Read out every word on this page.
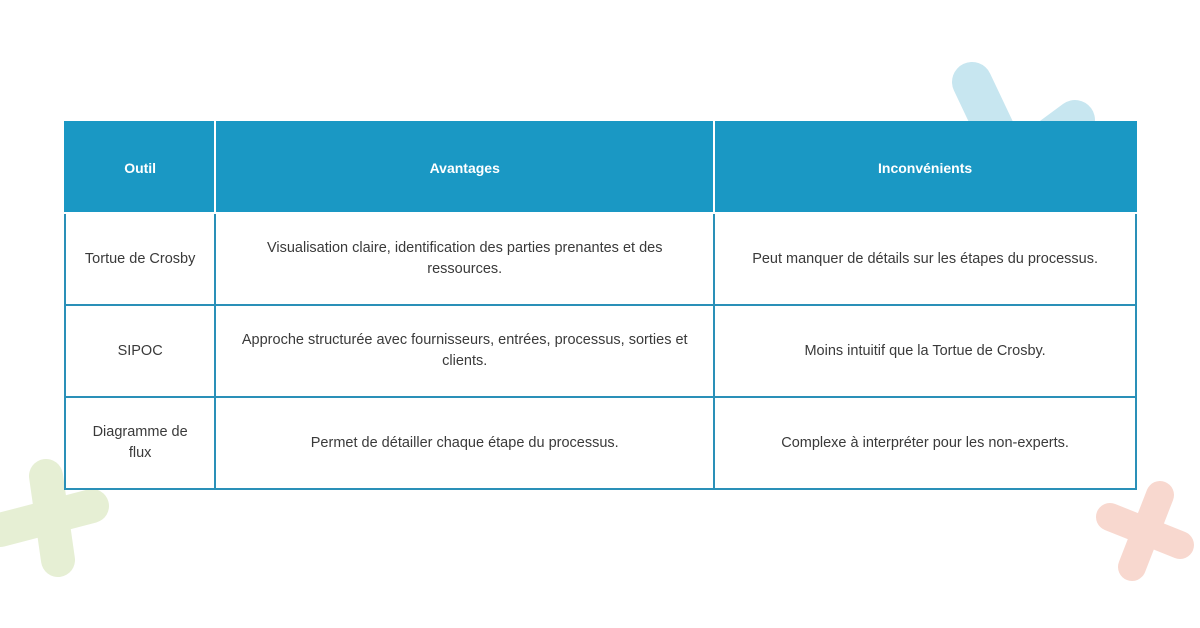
Outil	Avantages	Inconvénients
Tortue de Crosby	Visualisation claire, identification des parties prenantes et des ressources.	Peut manquer de détails sur les étapes du processus.
SIPOC	Approche structurée avec fournisseurs, entrées, processus, sorties et clients.	Moins intuitif que la Tortue de Crosby.
Diagramme de flux	Permet de détailler chaque étape du processus.	Complexe à interpréter pour les non-experts.
